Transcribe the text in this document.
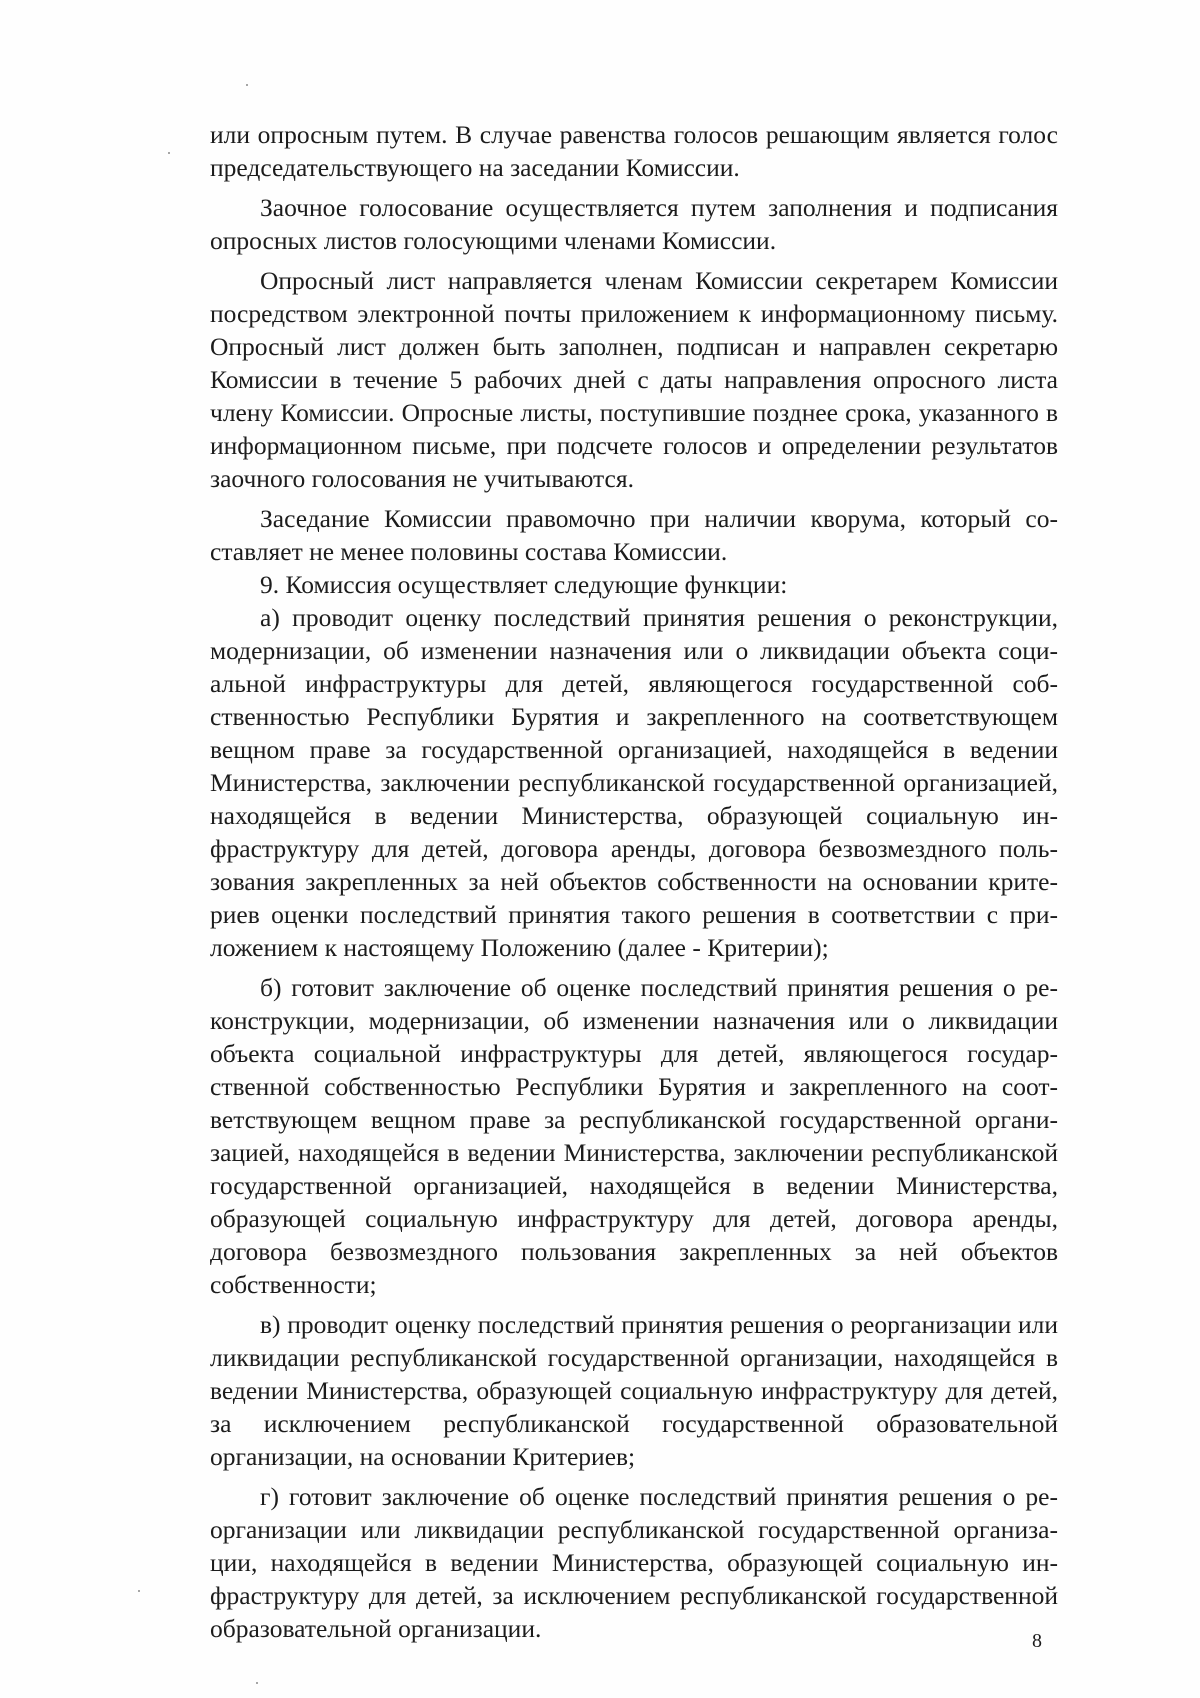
или опросным путем. В случае равенства голосов решающим является голос председательствующего на заседании Комиссии.

Заочное голосование осуществляется путем заполнения и подписания опросных листов голосующими членами Комиссии.

Опросный лист направляется членам Комиссии секретарем Комиссии посредством электронной почты приложением к информационному письму. Опросный лист должен быть заполнен, подписан и направлен секретарю Комиссии в течение 5 рабочих дней с даты направления опросного листа члену Комиссии. Опросные листы, поступившие позднее срока, указанного в информационном письме, при подсчете голосов и определении результатов заочного голосования не учитываются.

Заседание Комиссии правомочно при наличии кворума, который составляет не менее половины состава Комиссии.

9. Комиссия осуществляет следующие функции:

а) проводит оценку последствий принятия решения о реконструкции, модернизации, об изменении назначения или о ликвидации объекта социальной инфраструктуры для детей, являющегося государственной собственностью Республики Бурятия и закрепленного на соответствующем вещном праве за государственной организацией, находящейся в ведении Министерства, заключении республиканской государственной организацией, находящейся в ведении Министерства, образующей социальную инфраструктуру для детей, договора аренды, договора безвозмездного пользования закрепленных за ней объектов собственности на основании критериев оценки последствий принятия такого решения в соответствии с приложением к настоящему Положению (далее - Критерии);

б) готовит заключение об оценке последствий принятия решения о реконструкции, модернизации, об изменении назначения или о ликвидации объекта социальной инфраструктуры для детей, являющегося государственной собственностью Республики Бурятия и закрепленного на соответствующем вещном праве за республиканской государственной организацией, находящейся в ведении Министерства, заключении республиканской государственной организацией, находящейся в ведении Министерства, образующей социальную инфраструктуру для детей, договора аренды, договора безвозмездного пользования закрепленных за ней объектов собственности;

в) проводит оценку последствий принятия решения о реорганизации или ликвидации республиканской государственной организации, находящейся в ведении Министерства, образующей социальную инфраструктуру для детей, за исключением республиканской государственной образовательной организации, на основании Критериев;

г) готовит заключение об оценке последствий принятия решения о реорганизации или ликвидации республиканской государственной организации, находящейся в ведении Министерства, образующей социальную инфраструктуру для детей, за исключением республиканской государственной образовательной организации.	8
